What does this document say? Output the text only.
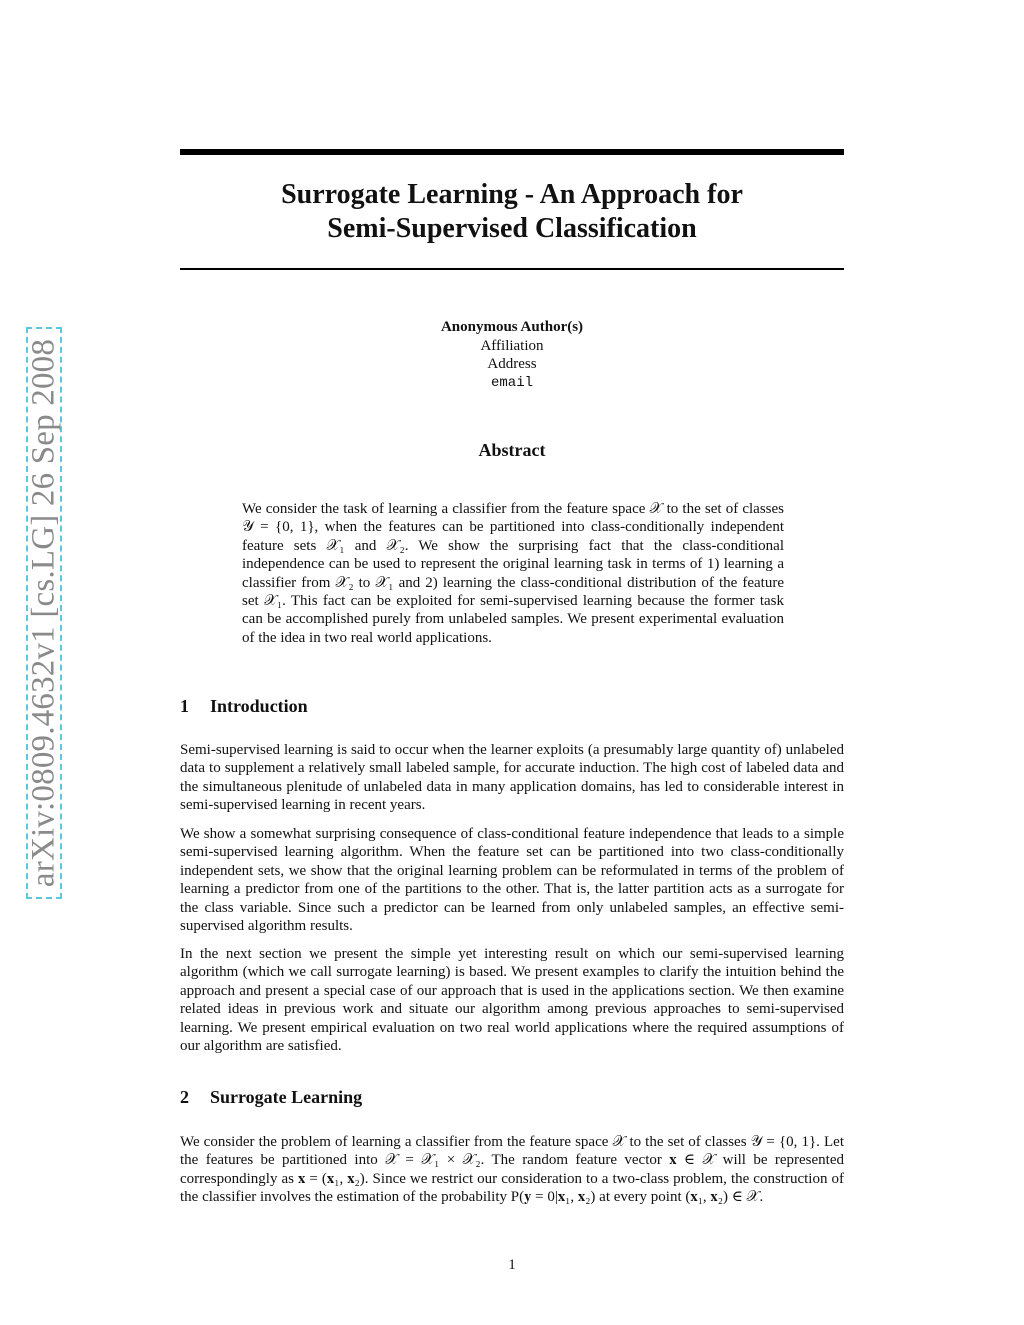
arXiv:0809.4632v1 [cs.LG] 26 Sep 2008
Surrogate Learning - An Approach for
Semi-Supervised Classification
Anonymous Author(s)
Affiliation
Address
email
Abstract

We consider the task of learning a classifier from the feature space 𝒳 to the set of classes 𝒴 = {0, 1}, when the features can be partitioned into class-conditionally independent feature sets 𝒳₁ and 𝒳₂. We show the surprising fact that the class-conditional independence can be used to represent the original learning task in terms of 1) learning a classifier from 𝒳₂ to 𝒳₁ and 2) learning the class-conditional distribution of the feature set 𝒳₁. This fact can be exploited for semi-supervised learning because the former task can be accomplished purely from unlabeled samples. We present experimental evaluation of the idea in two real world applications.

1 Introduction

Semi-supervised learning is said to occur when the learner exploits (a presumably large quantity of) unlabeled data to supplement a relatively small labeled sample, for accurate induction. The high cost of labeled data and the simultaneous plenitude of unlabeled data in many application domains, has led to considerable interest in semi-supervised learning in recent years.

We show a somewhat surprising consequence of class-conditional feature independence that leads to a simple semi-supervised learning algorithm. When the feature set can be partitioned into two class-conditionally independent sets, we show that the original learning problem can be reformulated in terms of the problem of learning a predictor from one of the partitions to the other. That is, the latter partition acts as a surrogate for the class variable. Since such a predictor can be learned from only unlabeled samples, an effective semi-supervised algorithm results.

In the next section we present the simple yet interesting result on which our semi-supervised learning algorithm (which we call surrogate learning) is based. We present examples to clarify the intuition behind the approach and present a special case of our approach that is used in the applications section. We then examine related ideas in previous work and situate our algorithm among previous approaches to semi-supervised learning. We present empirical evaluation on two real world applications where the required assumptions of our algorithm are satisfied.

2 Surrogate Learning

We consider the problem of learning a classifier from the feature space 𝒳 to the set of classes 𝒴 = {0, 1}. Let the features be partitioned into 𝒳 = 𝒳₁ × 𝒳₂. The random feature vector 𝐱 ∈ 𝒳 will be represented correspondingly as 𝐱 = (𝐱₁, 𝐱₂). Since we restrict our consideration to a two-class problem, the construction of the classifier involves the estimation of the probability P(𝐲 = 0|𝐱₁, 𝐱₂) at every point (𝐱₁, 𝐱₂) ∈ 𝒳.

1
